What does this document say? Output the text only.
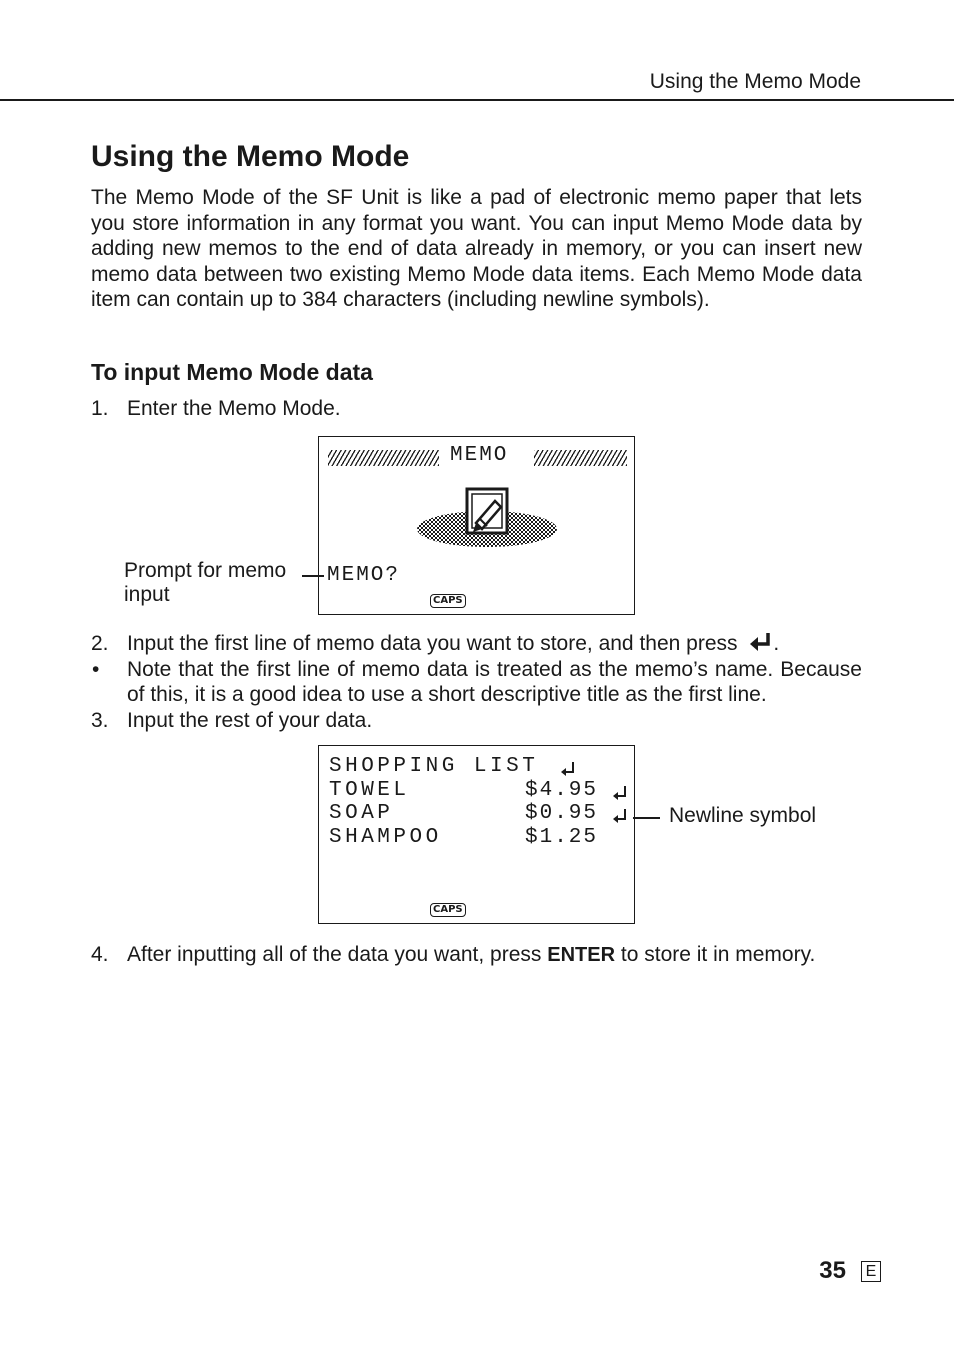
Using the Memo Mode
Using the Memo Mode

The Memo Mode of the SF Unit is like a pad of electronic memo paper that lets you store information in any format you want. You can input Memo Mode data by adding new memos to the end of data already in memory, or you can insert new memo data between two existing Memo Mode data items. Each Memo Mode data item can contain up to 384 characters (including newline symbols).

To input Memo Mode data
1. Enter the Memo Mode.
MEMO
MEMO?
CAPS
Prompt for memo
input
2. Input the first line of memo data you want to store, and then press .
• Note that the first line of memo data is treated as the memo’s name. Because of this, it is a good idea to use a short descriptive title as the first line.
3. Input the rest of your data.
SHOPPING LIST
TOWEL	$4.95
SOAP	$0.95
SHAMPOO	$1.25
CAPS
Newline symbol
4. After inputting all of the data you want, press ENTER to store it in memory.
35 E
